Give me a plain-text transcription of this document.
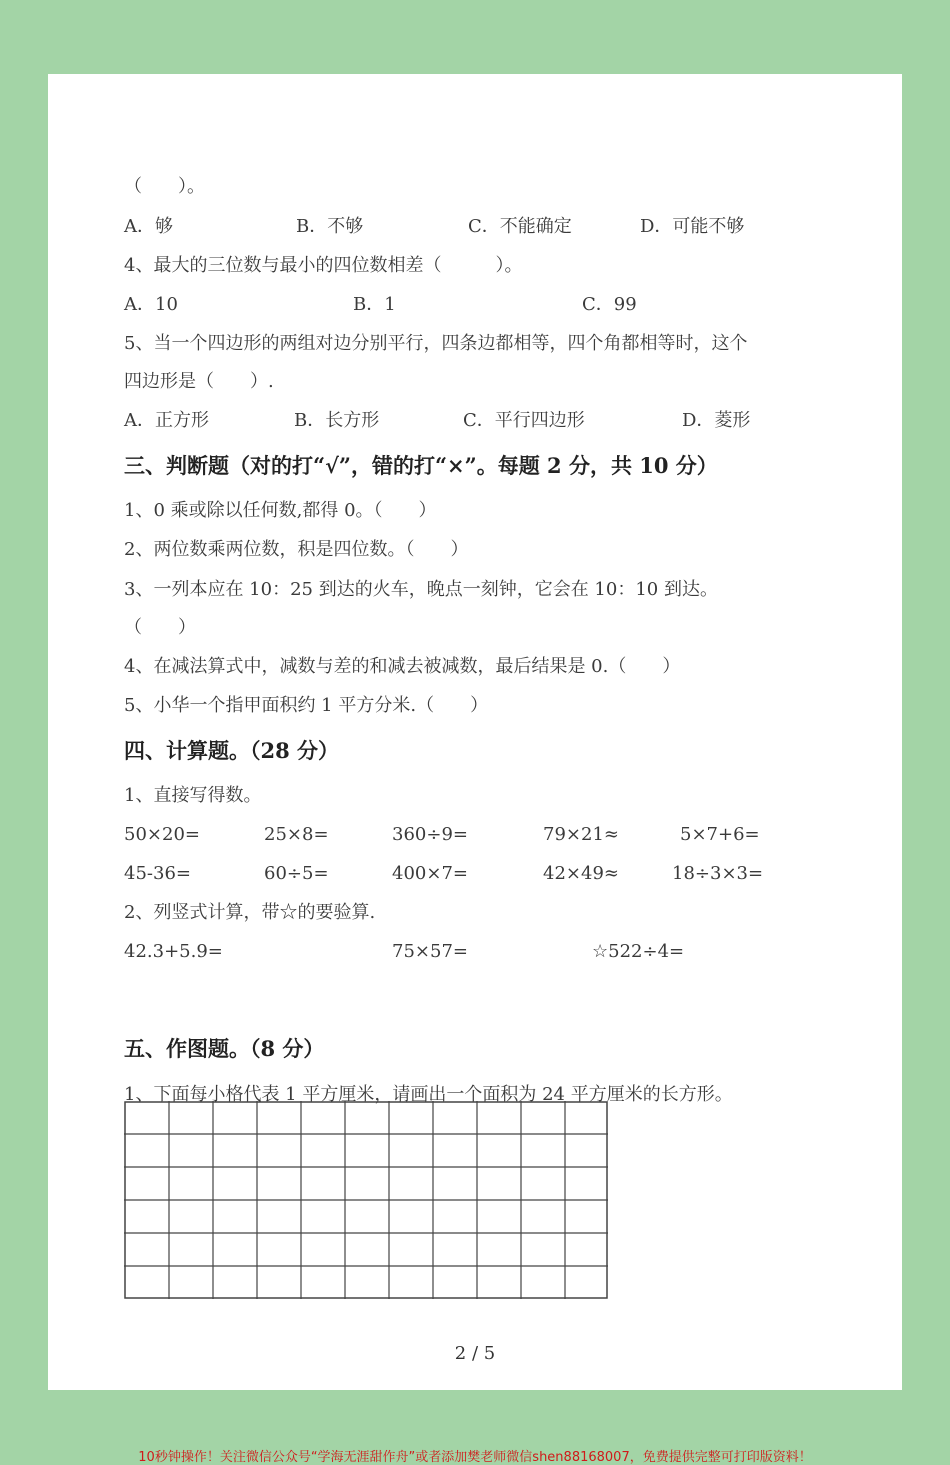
（　　）。
A．够	B．不够	C．不能确定	D．可能不够
4、最大的三位数与最小的四位数相差（　　　）。
A．10	B．1	C．99
5、当一个四边形的两组对边分别平行，四条边都相等，四个角都相等时，这个
四边形是（　　）.
A．正方形	B．长方形	C．平行四边形	D．菱形
三、判断题（对的打“√”，错的打“×”。每题 2 分，共 10 分）
1、0 乘或除以任何数,都得 0。（　　）
2、两位数乘两位数，积是四位数。（　　）
3、一列本应在 10：25 到达的火车，晚点一刻钟，它会在 10：10 到达。
（　　）
4、在减法算式中，减数与差的和减去被减数，最后结果是 0.（　　）
5、小华一个指甲面积约 1 平方分米.（　　）
四、计算题。（28 分）
1、直接写得数。
50×20=	25×8=	360÷9=	79×21≈	5×7+6=
45-36=	60÷5=	400×7=	42×49≈	18÷3×3=
2、列竖式计算，带☆的要验算.
42.3+5.9=	75×57=	☆522÷4=
五、作图题。（8 分）
1、下面每小格代表 1 平方厘米，请画出一个面积为 24 平方厘米的长方形。
2 / 5
10秒钟操作！关注微信公众号“学海无涯甜作舟”或者添加樊老师微信shen88168007，免费提供完整可打印版资料！
